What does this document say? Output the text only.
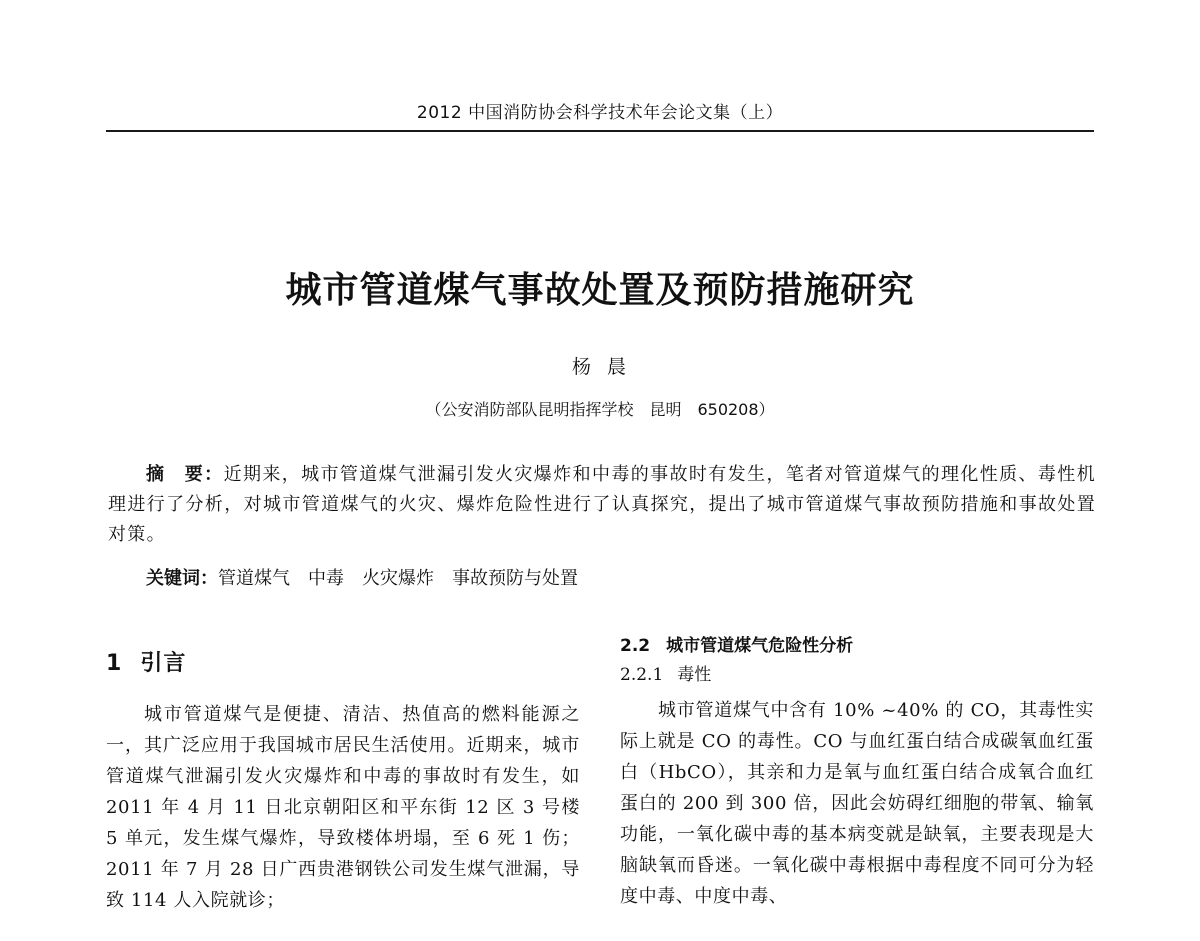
2012 中国消防协会科学技术年会论文集（上）
城市管道煤气事故处置及预防措施研究
杨晨
（公安消防部队昆明指挥学校　昆明　650208）
摘　要：近期来，城市管道煤气泄漏引发火灾爆炸和中毒的事故时有发生，笔者对管道煤气的理化性质、毒性机理进行了分析，对城市管道煤气的火灾、爆炸危险性进行了认真探究，提出了城市管道煤气事故预防措施和事故处置对策。
关键词：管道煤气 中毒 火灾爆炸 事故预防与处置
1 引言

城市管道煤气是便捷、清洁、热值高的燃料能源之一，其广泛应用于我国城市居民生活使用。近期来，城市管道煤气泄漏引发火灾爆炸和中毒的事故时有发生，如 2011 年 4 月 11 日北京朝阳区和平东街 12 区 3 号楼 5 单元，发生煤气爆炸，导致楼体坍塌，至 6 死 1 伤；2011 年 7 月 28 日广西贵港钢铁公司发生煤气泄漏，导致 114 人入院就诊；

2.2 城市管道煤气危险性分析
2.2.1 毒性

城市管道煤气中含有 10% ~40% 的 CO，其毒性实际上就是 CO 的毒性。CO 与血红蛋白结合成碳氧血红蛋白（HbCO），其亲和力是氧与血红蛋白结合成氧合血红蛋白的 200 到 300 倍，因此会妨碍红细胞的带氧、输氧功能，一氧化碳中毒的基本病变就是缺氧，主要表现是大脑缺氧而昏迷。一氧化碳中毒根据中毒程度不同可分为轻度中毒、中度中毒、
